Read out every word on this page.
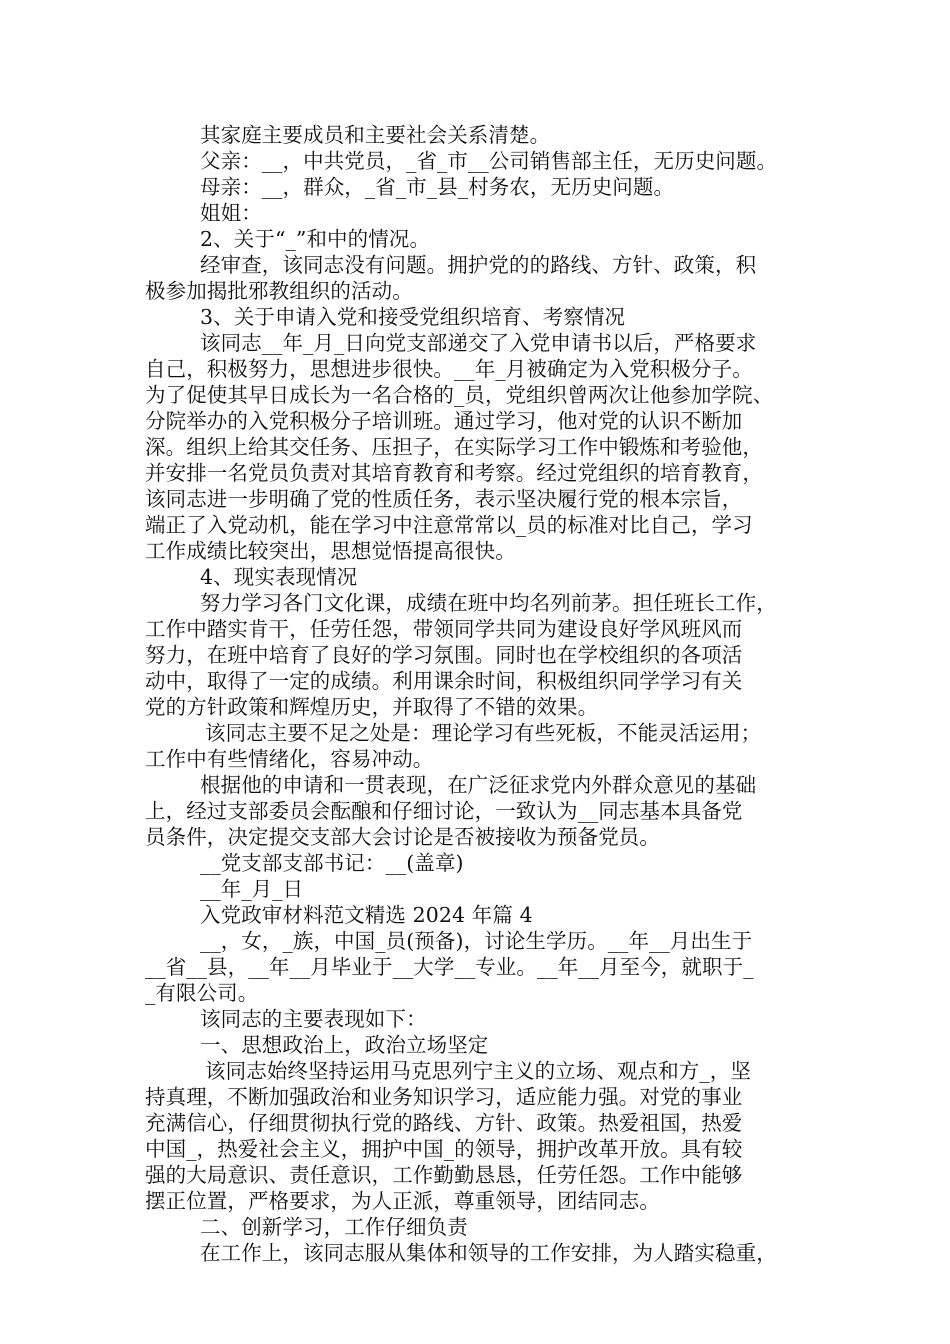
其家庭主要成员和主要社会关系清楚。
父亲：__，中共党员，_省_市__公司销售部主任，无历史问题。
母亲：__，群众，_省_市_县_村务农，无历史问题。
姐姐：
2、关于“_”和中的情况。
经审查，该同志没有问题。拥护党的的路线、方针、政策，积
极参加揭批邪教组织的活动。
3、关于申请入党和接受党组织培育、考察情况
该同志__年_月_日向党支部递交了入党申请书以后，严格要求
自己，积极努力，思想进步很快。__年_月被确定为入党积极分子。
为了促使其早日成长为一名合格的_员，党组织曾两次让他参加学院、
分院举办的入党积极分子培训班。通过学习，他对党的认识不断加
深。组织上给其交任务、压担子，在实际学习工作中锻炼和考验他，
并安排一名党员负责对其培育教育和考察。经过党组织的培育教育，
该同志进一步明确了党的性质任务，表示坚决履行党的根本宗旨，
端正了入党动机，能在学习中注意常常以_员的标准对比自己，学习
工作成绩比较突出，思想觉悟提高很快。
4、现实表现情况
努力学习各门文化课，成绩在班中均名列前茅。担任班长工作，
工作中踏实肯干，任劳任怨，带领同学共同为建设良好学风班风而
努力，在班中培育了良好的学习氛围。同时也在学校组织的各项活
动中，取得了一定的成绩。利用课余时间，积极组织同学学习有关
党的方针政策和辉煌历史，并取得了不错的效果。
该同志主要不足之处是：理论学习有些死板，不能灵活运用；
工作中有些情绪化，容易冲动。
根据他的申请和一贯表现，在广泛征求党内外群众意见的基础
上，经过支部委员会酝酿和仔细讨论，一致认为__同志基本具备党
员条件，决定提交支部大会讨论是否被接收为预备党员。
__党支部支部书记：__(盖章)
__年_月_日
入党政审材料范文精选 2024 年篇 4
__，女，_族，中国_员(预备)，讨论生学历。__年__月出生于
__省__县，__年__月毕业于__大学__专业。__年__月至今，就职于_
_有限公司。
该同志的主要表现如下：
一、思想政治上，政治立场坚定
该同志始终坚持运用马克思列宁主义的立场、观点和方_，坚
持真理，不断加强政治和业务知识学习，适应能力强。对党的事业
充满信心，仔细贯彻执行党的路线、方针、政策。热爱祖国，热爱
中国_，热爱社会主义，拥护中国_的领导，拥护改革开放。具有较
强的大局意识、责任意识，工作勤勤恳恳，任劳任怨。工作中能够
摆正位置，严格要求，为人正派，尊重领导，团结同志。
二、创新学习，工作仔细负责
在工作上，该同志服从集体和领导的工作安排，为人踏实稳重，
